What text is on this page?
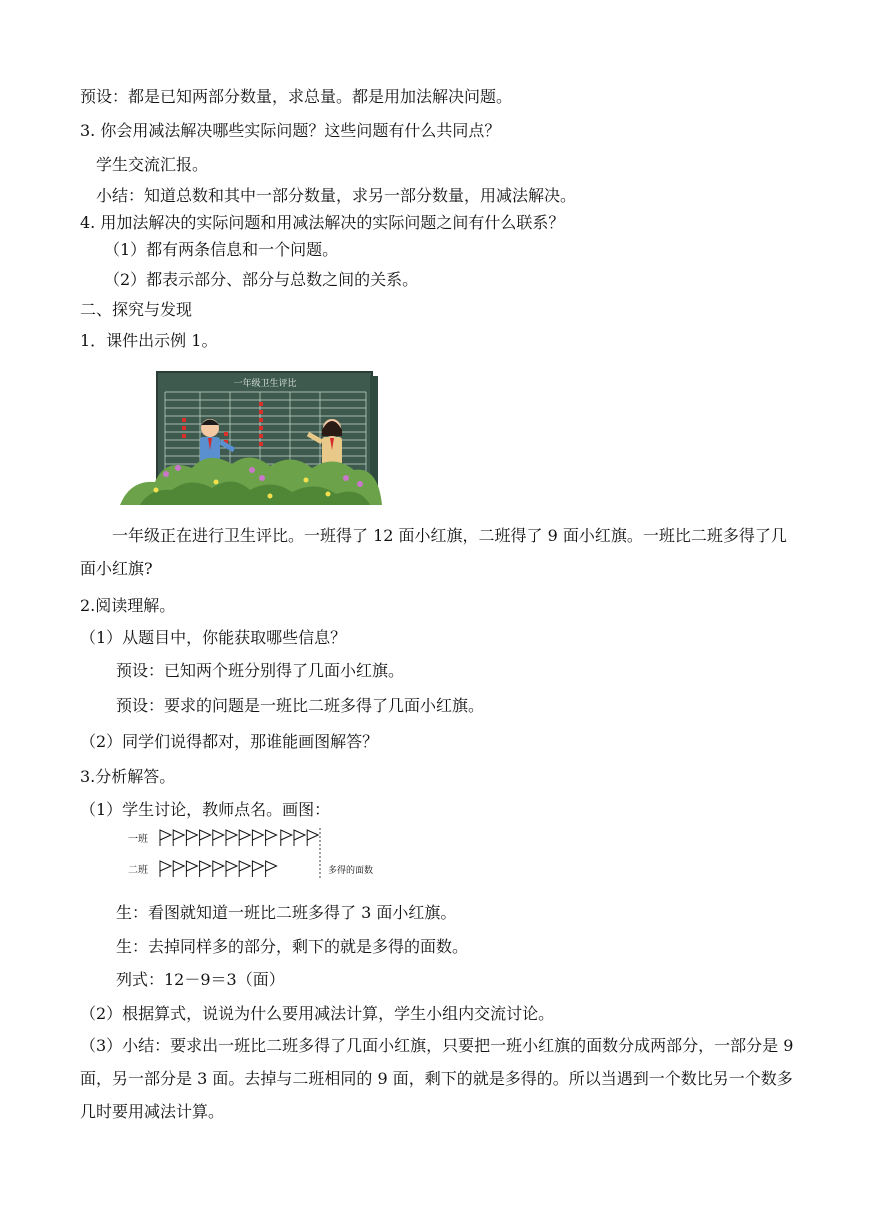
预设：都是已知两部分数量，求总量。都是用加法解决问题。
3. 你会用减法解决哪些实际问题？这些问题有什么共同点？
学生交流汇报。
小结：知道总数和其中一部分数量，求另一部分数量，用减法解决。
4. 用加法解决的实际问题和用减法解决的实际问题之间有什么联系？
（1）都有两条信息和一个问题。
（2）都表示部分、部分与总数之间的关系。
二、探究与发现
1．课件出示例 1。
一年级卫生评比
一年级正在进行卫生评比。一班得了 12 面小红旗，二班得了 9 面小红旗。一班比二班多得了几面小红旗?
2.阅读理解。
（1）从题目中，你能获取哪些信息？
预设：已知两个班分别得了几面小红旗。
预设：要求的问题是一班比二班多得了几面小红旗。
（2）同学们说得都对，那谁能画图解答？
3.分析解答。
（1）学生讨论，教师点名。画图：
一班
二班	多得的面数
生：看图就知道一班比二班多得了 3 面小红旗。
生：去掉同样多的部分，剩下的就是多得的面数。
列式：12－9＝3（面）
（2）根据算式，说说为什么要用减法计算，学生小组内交流讨论。
（3）小结：要求出一班比二班多得了几面小红旗，只要把一班小红旗的面数分成两部分，一部分是 9 面，另一部分是 3 面。去掉与二班相同的 9 面，剩下的就是多得的。所以当遇到一个数比另一个数多几时要用减法计算。
